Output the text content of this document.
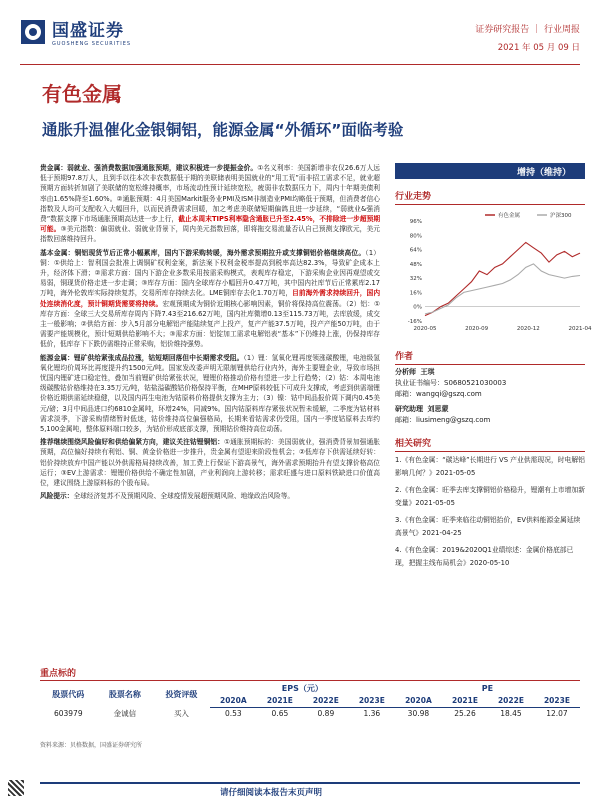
国盛证券
GUOSHENG SECURITIES
证券研究报告 ｜ 行业周报
2021 年 05 月 09 日
有色金属
通胀升温催化金银铜铝，能源金属“外循环”面临考验

贵金属：弱就业、强消费数据加强通胀预期，建议积极进一步提振金价。①名义利率：美国新增非农仅26.6万人远低于预期97.8万人，且到手以往本次非农数据低于期的美联储表明美国就业的“用工荒”而非招工需求不足，就业超预期方面转折加剧了美联储的宽松维持概率，市场流动性预计延续宽松，疲弱非农数据压力下，周内十年期美债利率由1.65%降至1.60%。②通胀预期：4月美国Markit服务业PMI及ISM非制造业PMI均略低于预期，但消费者信心指数及人均可支配收入大幅回升，以而民消费需求回暖，加之考虑美联储短期偏鸽且进一步延续，“弱就业&强消费”数据支撑下市场通胀预期高达进一步上行，截止本周末TIPS利率隐含通胀已升至2.45%，不排除进一步超预期可能。③美元指数：偏弱就业、弱就业背景下，周内美元指数回落，即将拖交易流量否认自己预测支撑欧元，美元指数回落维持回升。

基本金属：铜铝现货节后正常小幅累库，国内下游采购转暖，海外需求预期拉升或支撑铜铝价格继续高位。（1）铜：①供给上：智利国会批准上调铜矿权利金案，新法案下权利金税率提高到税率高达82.3%，导致矿企成本上升，经济体下滑；②需求方面：国内下游企业多数采用按需采购模式，表观库存稳定，下游采购企业因再观望或交易弱，铜现货价格走进一步走调；③库存方面：国内全球库存小幅回升0.47万吨，其中国内社库节后正常累库2.17万吨，海外伦敦库实际持续复苏，交易所库存持续去化。LME铜库存去化1.70万吨，目前海外需求持续回升，国内处连续消化度，预计铜期货需要将持续。宏观预期成为铜价近期核心影响因素，铜价将保持高位震荡。（2）铝：①库存方面：全球三大交易所库存周内下降7.43至216.62万吨，国内社库微增0.13至115.73万吨，去库放缓，成交主一般影响；②供给方面：步入5月部分电解铝产能陆续复产上投产，复产产能37.5万吨，投产产能50万吨，由于需要产能规模化，预计短期供给影响不大；③需求方面：铝锭加工需求电解铝表“基本”下仍维持上涨，仍保持库存低价，低库存下下跌仍需维持正常采购，铝价维持强势。

能源金属：锂矿供给紧张成品拉涨，钴短期回落但中长期需求受阻。（1）锂：氢氧化锂再度领涨碳酸锂，电池级氢氧化锂均价周环比再度提升约1500元/吨。国家发改委声明无限制锂供给行业内外，海外主要锂企业，导致市场担忧国内锂矿进口稳定性，叠加当前锂矿供给紧张状况，锂锂价格推动价格有望进一步上行趋势；（2）钴：本周电池级碳酸钴价格维持在3.35万元/吨，钴盐溢碳酸钴价格保持平衡，在MHP原料较低下可成升支撑成，考虑到供需端锂价格近期供需延续稳健，以及国内再生电池为钴原料价格提供支撑为主力；（3）镍：钴中间品报价周下调内0.45美元/磅；3月中间品进口约6810金属吨，环增24%，同减9%。国内钴原料库存紧张状况暂未缓解，二季度为钴材料需求淡季，下游采购情绪暂时低迷，钴价维持高位偏强格局，长期来看钴需求仍受阻，国内一季度钴原料去库约5,100金属吨，整体原料端口较多，为钴价形成底部支撑，预期钴价维持高位动荡。

推荐继续围绕风险偏好和供给偏紧方向，建议关注钴锂铜铝：①通胀预期标的：美国弱就业，强消费背景加强通胀预期，高位偏好持续有利铝、铜、黄金价格进一步推升，贵金属有望迎来阶段性机会；②低库存下供需延续好转：铝价持续放弃中国产能以外供需格局持续改善，加工费上行保证下游高景气，海外需求预期抬升有望支撑价格高位运行；③EV上游需求：锂锂价格供给不确定性加剧，产业利润向上游转移；需求旺盛与进口原料铁缺进口价值高位，建议围绕上游原料标的个股布局。

风险提示：全球经济复苏不及预期风险、全球疫情发展超预期风险、地缘政治风险等。

增持（维持）
行业走势
96%
80%
64%
48%
32%
16%
0%
-16%
2020-05	2020-09	2020-12	2021-04
有色金属	沪深300
作者
分析师 王琪
执业证书编号：S0680521030003
邮箱：wangqi@gszq.com
研究助理 刘思蒙
邮箱：liusimeng@gszq.com
相关研究

1.《有色金属：“碳达峰”长期进行 VS 产业供需现况，时电解铝影响几何？》2021-05-05

2.《有色金属：旺季去库支撑铜铝价格稳升，锂潮有上市增加新变量》2021-05-05

3.《有色金属：旺季来临往动铜铝抬价，EV供料能源金属延续高景气》2021-04-25

4.《有色金属：2019&2020Q1业绩综述：金属价格底部已现，把握主线布局机会》2020-05-10

重点标的
股票代码	股票名称	投资评级	EPS（元）				PE			
			2020A	2021E	2022E	2023E	2020A	2021E	2022E	2023E
603979	金诚信	买入	0.53	0.65	0.89	1.36	30.98	25.26	18.45	12.07
资料来源：贝格数据，国盛证券研究所
请仔细阅读本报告末页声明
